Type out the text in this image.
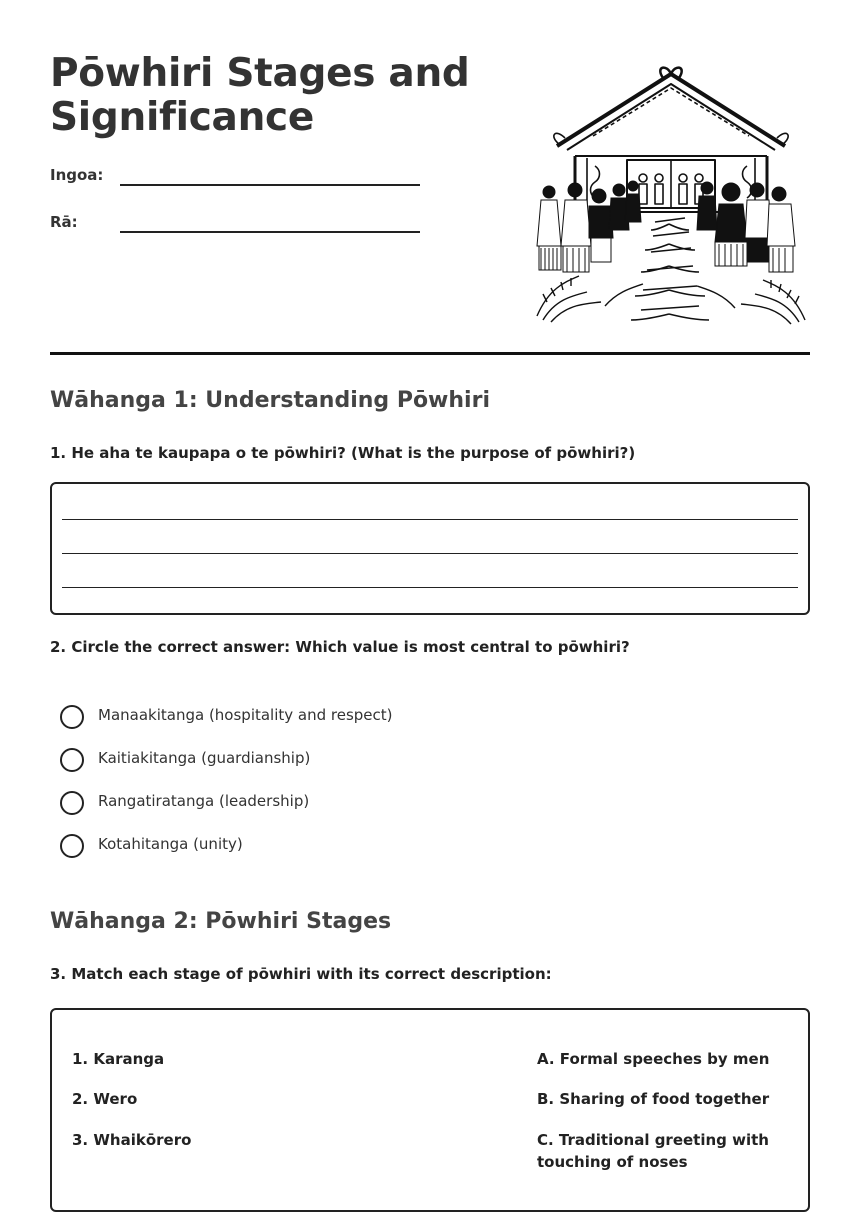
Pōwhiri Stages and Significance
Ingoa:
Rā:
Wāhanga 1: Understanding Pōwhiri
1. He aha te kaupapa o te pōwhiri? (What is the purpose of pōwhiri?)
2. Circle the correct answer: Which value is most central to pōwhiri?
Manaakitanga (hospitality and respect)
Kaitiakitanga (guardianship)
Rangatiratanga (leadership)
Kotahitanga (unity)
Wāhanga 2: Pōwhiri Stages
3. Match each stage of pōwhiri with its correct description:
1. Karanga
2. Wero
3. Whaikōrero
A. Formal speeches by men
B. Sharing of food together
C. Traditional greeting with touching of noses
